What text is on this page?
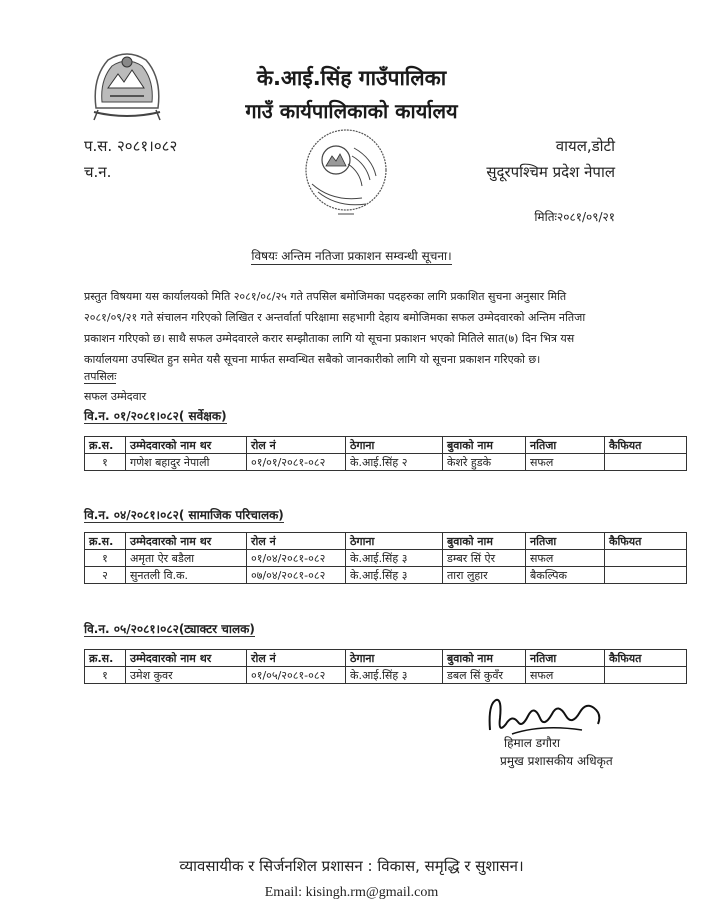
के.आई.सिंह गाउँपालिका
गाउँ कार्यपालिकाको कार्यालय
प.स. २०८१।०८२
च.न.
वायल,डोटी
सुदूरपश्चिम प्रदेश नेपाल
मितिः२०८१/०९/२१
विषयः अन्तिम नतिजा प्रकाशन सम्वन्धी सूचना।
प्रस्तुत विषयमा यस कार्यालयको मिति २०८१/०८/२५ गते तपसिल बमोजिमका पदहरुका लागि प्रकाशित सुचना अनुसार मिति
२०८१/०९/२१ गते संचालन गरिएको लिखित र अन्तर्वार्ता परिक्षामा सहभागी देहाय बमोजिमका सफल उम्मेदवारको अन्तिम नतिजा
प्रकाशन गरिएको छ। साथै सफल उम्मेदवारले करार सम्झौताका लागि यो सूचना प्रकाशन भएको मितिले सात(७) दिन भित्र यस
कार्यालयमा उपस्थित हुन समेत यसै सूचना मार्फत सम्वन्धित सबैको जानकारीको लागि यो सूचना प्रकाशन गरिएको छ।
तपसिलः
सफल उम्मेदवार
वि.न. ०१/२०८१।०८२( सर्वेक्षक)
क्र.स.	उम्मेदवारको नाम थर	रोल नं	ठेगाना	बुवाको नाम	नतिजा	कैफियत
१	गणेश बहादुर नेपाली	०१/०१/२०८१-०८२	के.आई.सिंह २	केशरे हुडके	सफल	
वि.न. ०४/२०८१।०८२( सामाजिक परिचालक)
क्र.स.	उम्मेदवारको नाम थर	रोल नं	ठेगाना	बुवाको नाम	नतिजा	कैफियत
१	अमृता ऐर बडैला	०१/०४/२०८१-०८२	के.आई.सिंह ३	डम्बर सिं ऐर	सफल	
२	सुनतली वि.क.	०७/०४/२०८१-०८२	के.आई.सिंह ३	तारा लुहार	बैकल्पिक	
वि.न. ०५/२०८१।०८२(ट्याक्टर चालक)
क्र.स.	उम्मेदवारको नाम थर	रोल नं	ठेगाना	बुवाको नाम	नतिजा	कैफियत
१	उमेश कुवर	०१/०५/२०८१-०८२	के.आई.सिंह ३	डबल सिं कुवँर	सफल	
हिमाल डगौरा
प्रमुख प्रशासकीय अधिकृत
व्यावसायीक र सिर्जनशिल प्रशासन : विकास, समृद्धि र सुशासन।
Email: kisingh.rm@gmail.com
